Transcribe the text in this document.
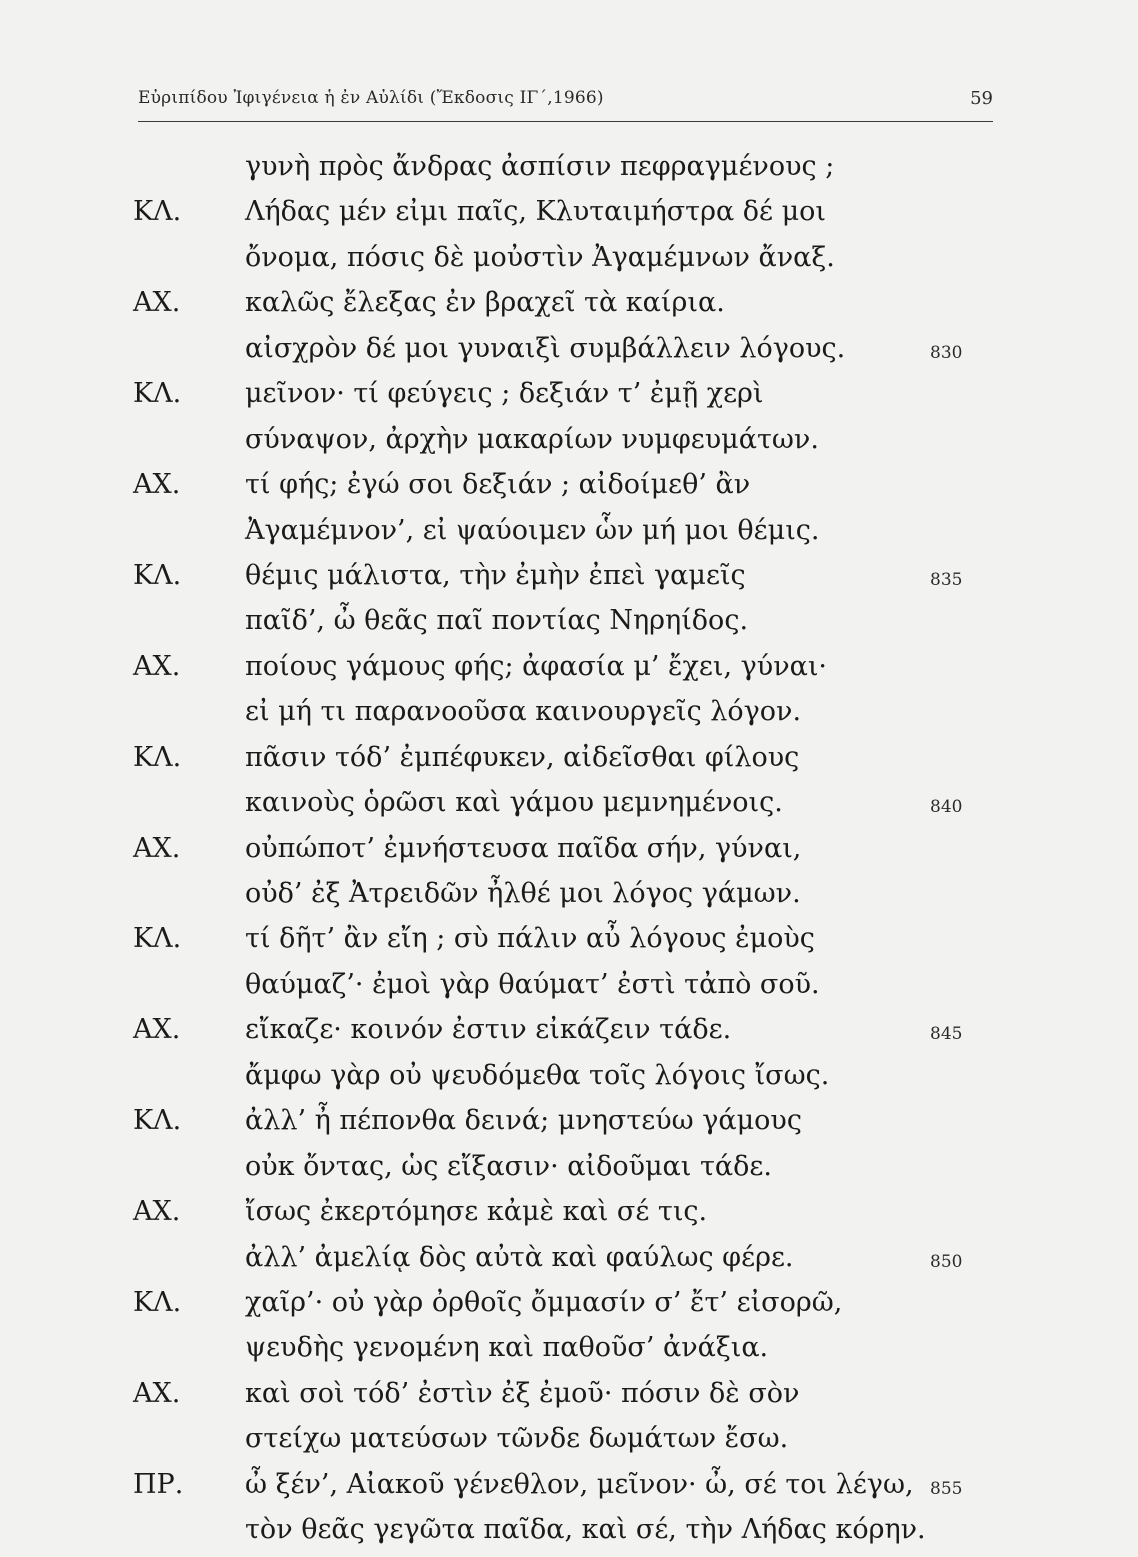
Εὐριπίδου Ἰφιγένεια ἡ ἐν Αὐλίδι (Ἔκδοσις ΙΓ΄,1966)	59
γυνὴ πρὸς ἄνδρας ἀσπίσιν πεφραγμένους ;
ΚΛ. Λήδας μέν εἰμι παῖς, Κλυταιμήστρα δέ μοι
ὄνομα, πόσις δὲ μοὐστὶν Ἀγαμέμνων ἄναξ.
ΑΧ. καλῶς ἔλεξας ἐν βραχεῖ τὰ καίρια.
αἰσχρὸν δέ μοι γυναιξὶ συμβάλλειν λόγους.	830
ΚΛ. μεῖνον· τί φεύγεις ; δεξιάν τ’ ἐμῇ χερὶ
σύναψον, ἀρχὴν μακαρίων νυμφευμάτων.
ΑΧ. τί φής; ἐγώ σοι δεξιάν ; αἰδοίμεθ’ ἂν
Ἀγαμέμνον’, εἰ ψαύοιμεν ὧν μή μοι θέμις.
ΚΛ. θέμις μάλιστα, τὴν ἐμὴν ἐπεὶ γαμεῖς	835
παῖδ’, ὦ θεᾶς παῖ ποντίας Νηρηίδος.
ΑΧ. ποίους γάμους φής; ἀφασία μ’ ἔχει, γύναι·
εἰ μή τι παρανοοῦσα καινουργεῖς λόγον.
ΚΛ. πᾶσιν τόδ’ ἐμπέφυκεν, αἰδεῖσθαι φίλους
καινοὺς ὁρῶσι καὶ γάμου μεμνημένοις.	840
ΑΧ. οὐπώποτ’ ἐμνήστευσα παῖδα σήν, γύναι,
οὐδ’ ἐξ Ἀτρειδῶν ἦλθέ μοι λόγος γάμων.
ΚΛ. τί δῆτ’ ἂν εἴη ; σὺ πάλιν αὖ λόγους ἐμοὺς
θαύμαζ’· ἐμοὶ γὰρ θαύματ’ ἐστὶ τἀπὸ σοῦ.
ΑΧ. εἴκαζε· κοινόν ἐστιν εἰκάζειν τάδε.	845
ἄμφω γὰρ οὐ ψευδόμεθα τοῖς λόγοις ἴσως.
ΚΛ. ἀλλ’ ἦ πέπονθα δεινά; μνηστεύω γάμους
οὐκ ὄντας, ὡς εἴξασιν· αἰδοῦμαι τάδε.
ΑΧ. ἴσως ἐκερτόμησε κἀμὲ καὶ σέ τις.
ἀλλ’ ἀμελίᾳ δὸς αὐτὰ καὶ φαύλως φέρε.	850
ΚΛ. χαῖρ’· οὐ γὰρ ὀρθοῖς ὄμμασίν σ’ ἔτ’ εἰσορῶ,
ψευδὴς γενομένη καὶ παθοῦσ’ ἀνάξια.
ΑΧ. καὶ σοὶ τόδ’ ἐστὶν ἐξ ἐμοῦ· πόσιν δὲ σὸν
στείχω ματεύσων τῶνδε δωμάτων ἔσω.
ΠΡ. ὦ ξέν’, Αἰακοῦ γένεθλον, μεῖνον· ὦ, σέ τοι λέγω, 855
τὸν θεᾶς γεγῶτα παῖδα, καὶ σέ, τὴν Λήδας κόρην.
